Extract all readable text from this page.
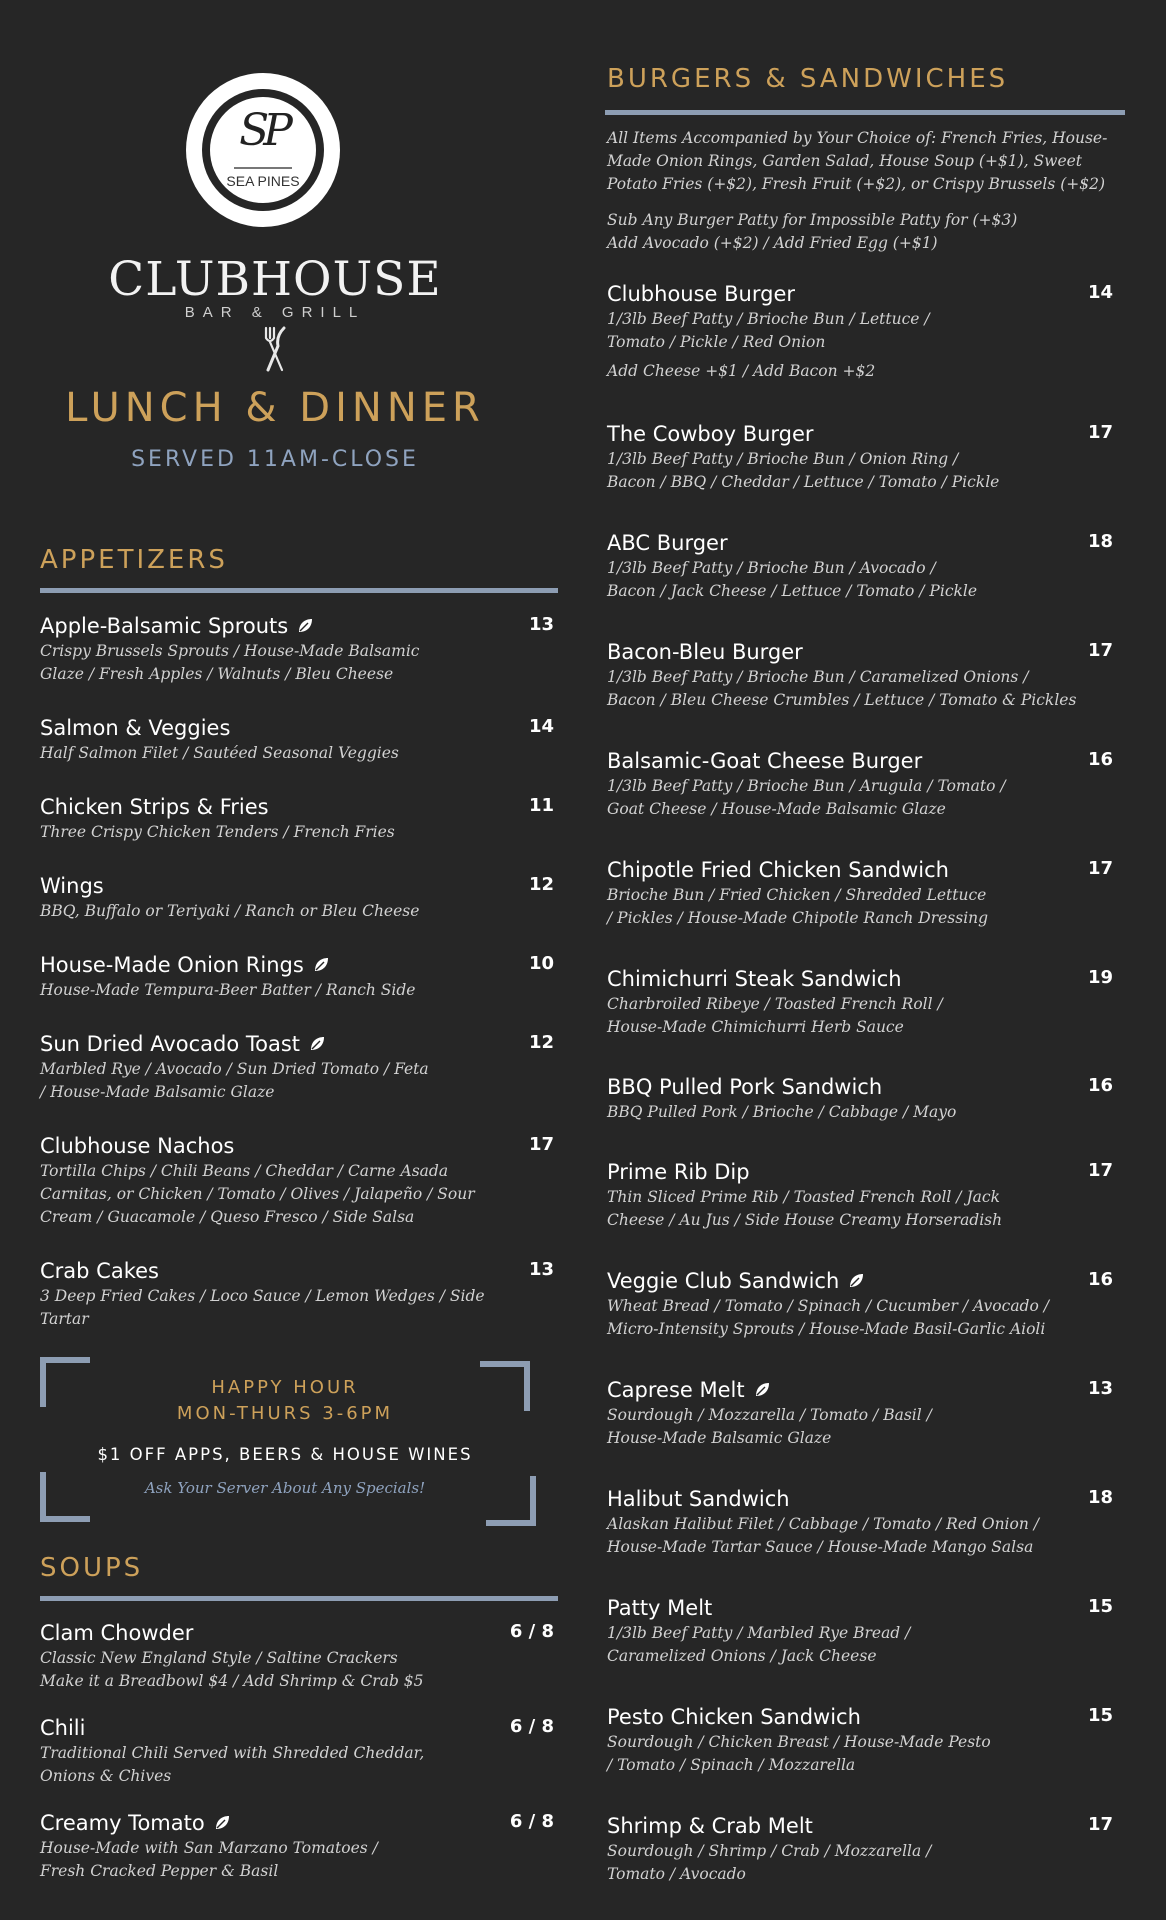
SP
SEA PINES
CLUBHOUSE
BAR & GRILL
LUNCH & DINNER
SERVED 11AM-CLOSE
APPETIZERS
Apple-Balsamic Sprouts	13
Crispy Brussels Sprouts / House-Made Balsamic
Glaze / Fresh Apples / Walnuts / Bleu Cheese
Salmon & Veggies	14
Half Salmon Filet / Sautéed Seasonal Veggies
Chicken Strips & Fries	11
Three Crispy Chicken Tenders / French Fries
Wings	12
BBQ, Buffalo or Teriyaki / Ranch or Bleu Cheese
House-Made Onion Rings	10
House-Made Tempura-Beer Batter / Ranch Side
Sun Dried Avocado Toast	12
Marbled Rye / Avocado / Sun Dried Tomato / Feta
/ House-Made Balsamic Glaze
Clubhouse Nachos	17
Tortilla Chips / Chili Beans / Cheddar / Carne Asada
Carnitas, or Chicken / Tomato / Olives / Jalapeño / Sour
Cream / Guacamole / Queso Fresco / Side Salsa
Crab Cakes	13
3 Deep Fried Cakes / Loco Sauce / Lemon Wedges / Side
Tartar
SOUPS
Clam Chowder	6 / 8
Classic New England Style / Saltine Crackers
Make it a Breadbowl $4 / Add Shrimp & Crab $5
Chili	6 / 8
Traditional Chili Served with Shredded Cheddar,
Onions & Chives
Creamy Tomato	6 / 8
House-Made with San Marzano Tomatoes /
Fresh Cracked Pepper & Basil
HAPPY HOUR
MON-THURS 3-6PM
$1 OFF APPS, BEERS & HOUSE WINES
Ask Your Server About Any Specials!
BURGERS & SANDWICHES
All Items Accompanied by Your Choice of: French Fries, House-
Made Onion Rings, Garden Salad, House Soup (+$1), Sweet
Potato Fries (+$2), Fresh Fruit (+$2), or Crispy Brussels (+$2)
Sub Any Burger Patty for Impossible Patty for (+$3)
Add Avocado (+$2) / Add Fried Egg (+$1)
Clubhouse Burger	14
1/3lb Beef Patty / Brioche Bun / Lettuce /
Tomato / Pickle / Red Onion
Add Cheese +$1 / Add Bacon +$2
The Cowboy Burger	17
1/3lb Beef Patty / Brioche Bun / Onion Ring /
Bacon / BBQ / Cheddar / Lettuce / Tomato / Pickle
ABC Burger	18
1/3lb Beef Patty / Brioche Bun / Avocado /
Bacon / Jack Cheese / Lettuce / Tomato / Pickle
Bacon-Bleu Burger	17
1/3lb Beef Patty / Brioche Bun / Caramelized Onions /
Bacon / Bleu Cheese Crumbles / Lettuce / Tomato & Pickles
Balsamic-Goat Cheese Burger	16
1/3lb Beef Patty / Brioche Bun / Arugula / Tomato /
Goat Cheese / House-Made Balsamic Glaze
Chipotle Fried Chicken Sandwich	17
Brioche Bun / Fried Chicken / Shredded Lettuce
/ Pickles / House-Made Chipotle Ranch Dressing
Chimichurri Steak Sandwich	19
Charbroiled Ribeye / Toasted French Roll /
House-Made Chimichurri Herb Sauce
BBQ Pulled Pork Sandwich	16
BBQ Pulled Pork / Brioche / Cabbage / Mayo
Prime Rib Dip	17
Thin Sliced Prime Rib / Toasted French Roll / Jack
Cheese / Au Jus / Side House Creamy Horseradish
Veggie Club Sandwich	16
Wheat Bread / Tomato / Spinach / Cucumber / Avocado /
Micro-Intensity Sprouts / House-Made Basil-Garlic Aioli
Caprese Melt	13
Sourdough / Mozzarella / Tomato / Basil /
House-Made Balsamic Glaze
Halibut Sandwich	18
Alaskan Halibut Filet / Cabbage / Tomato / Red Onion /
House-Made Tartar Sauce / House-Made Mango Salsa
Patty Melt	15
1/3lb Beef Patty / Marbled Rye Bread /
Caramelized Onions / Jack Cheese
Pesto Chicken Sandwich	15
Sourdough / Chicken Breast / House-Made Pesto
/ Tomato / Spinach / Mozzarella
Shrimp & Crab Melt	17
Sourdough / Shrimp / Crab / Mozzarella /
Tomato / Avocado
